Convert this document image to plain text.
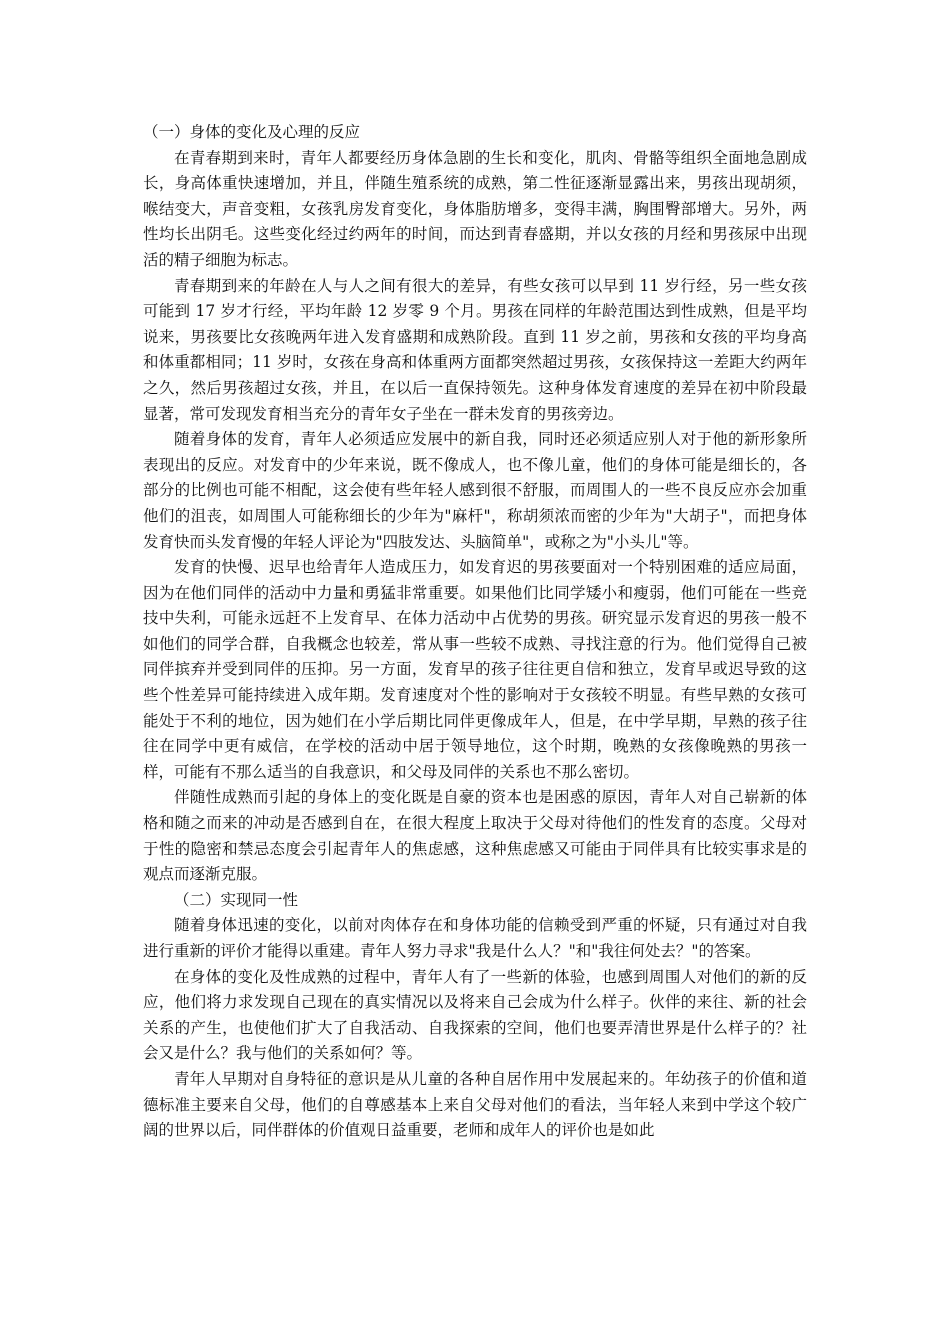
（一）身体的变化及心理的反应

在青春期到来时，青年人都要经历身体急剧的生长和变化，肌肉、骨骼等组织全面地急剧成长，身高体重快速增加，并且，伴随生殖系统的成熟，第二性征逐渐显露出来，男孩出现胡须，喉结变大，声音变粗，女孩乳房发育变化，身体脂肪增多，变得丰满，胸围臀部增大。另外，两性均长出阴毛。这些变化经过约两年的时间，而达到青春盛期，并以女孩的月经和男孩尿中出现活的精子细胞为标志。

青春期到来的年龄在人与人之间有很大的差异，有些女孩可以早到 11 岁行经，另一些女孩可能到 17 岁才行经，平均年龄 12 岁零 9 个月。男孩在同样的年龄范围达到性成熟，但是平均说来，男孩要比女孩晚两年进入发育盛期和成熟阶段。直到 11 岁之前，男孩和女孩的平均身高和体重都相同；11 岁时，女孩在身高和体重两方面都突然超过男孩，女孩保持这一差距大约两年之久，然后男孩超过女孩，并且，在以后一直保持领先。这种身体发育速度的差异在初中阶段最显著，常可发现发育相当充分的青年女子坐在一群未发育的男孩旁边。

随着身体的发育，青年人必须适应发展中的新自我，同时还必须适应别人对于他的新形象所表现出的反应。对发育中的少年来说，既不像成人，也不像儿童，他们的身体可能是细长的，各部分的比例也可能不相配，这会使有些年轻人感到很不舒服，而周围人的一些不良反应亦会加重他们的沮丧，如周围人可能称细长的少年为"麻杆"，称胡须浓而密的少年为"大胡子"，而把身体发育快而头发育慢的年轻人评论为"四肢发达、头脑简单"，或称之为"小头儿"等。

发育的快慢、迟早也给青年人造成压力，如发育迟的男孩要面对一个特别困难的适应局面，因为在他们同伴的活动中力量和勇猛非常重要。如果他们比同学矮小和瘦弱，他们可能在一些竞技中失利，可能永远赶不上发育早、在体力活动中占优势的男孩。研究显示发育迟的男孩一般不如他们的同学合群，自我概念也较差，常从事一些较不成熟、寻找注意的行为。他们觉得自己被同伴摈弃并受到同伴的压抑。另一方面，发育早的孩子往往更自信和独立，发育早或迟导致的这些个性差异可能持续进入成年期。发育速度对个性的影响对于女孩较不明显。有些早熟的女孩可能处于不利的地位，因为她们在小学后期比同伴更像成年人，但是，在中学早期，早熟的孩子往往在同学中更有威信，在学校的活动中居于领导地位，这个时期，晚熟的女孩像晚熟的男孩一样，可能有不那么适当的自我意识，和父母及同伴的关系也不那么密切。

伴随性成熟而引起的身体上的变化既是自豪的资本也是困惑的原因，青年人对自己崭新的体格和随之而来的冲动是否感到自在，在很大程度上取决于父母对待他们的性发育的态度。父母对于性的隐密和禁忌态度会引起青年人的焦虑感，这种焦虑感又可能由于同伴具有比较实事求是的观点而逐渐克服。

（二）实现同一性

随着身体迅速的变化，以前对肉体存在和身体功能的信赖受到严重的怀疑，只有通过对自我进行重新的评价才能得以重建。青年人努力寻求"我是什么人？"和"我往何处去？"的答案。

在身体的变化及性成熟的过程中，青年人有了一些新的体验，也感到周围人对他们的新的反应，他们将力求发现自己现在的真实情况以及将来自己会成为什么样子。伙伴的来往、新的社会关系的产生，也使他们扩大了自我活动、自我探索的空间，他们也要弄清世界是什么样子的？社会又是什么？我与他们的关系如何？等。

青年人早期对自身特征的意识是从儿童的各种自居作用中发展起来的。年幼孩子的价值和道德标准主要来自父母，他们的自尊感基本上来自父母对他们的看法，当年轻人来到中学这个较广阔的世界以后，同伴群体的价值观日益重要，老师和成年人的评价也是如此
